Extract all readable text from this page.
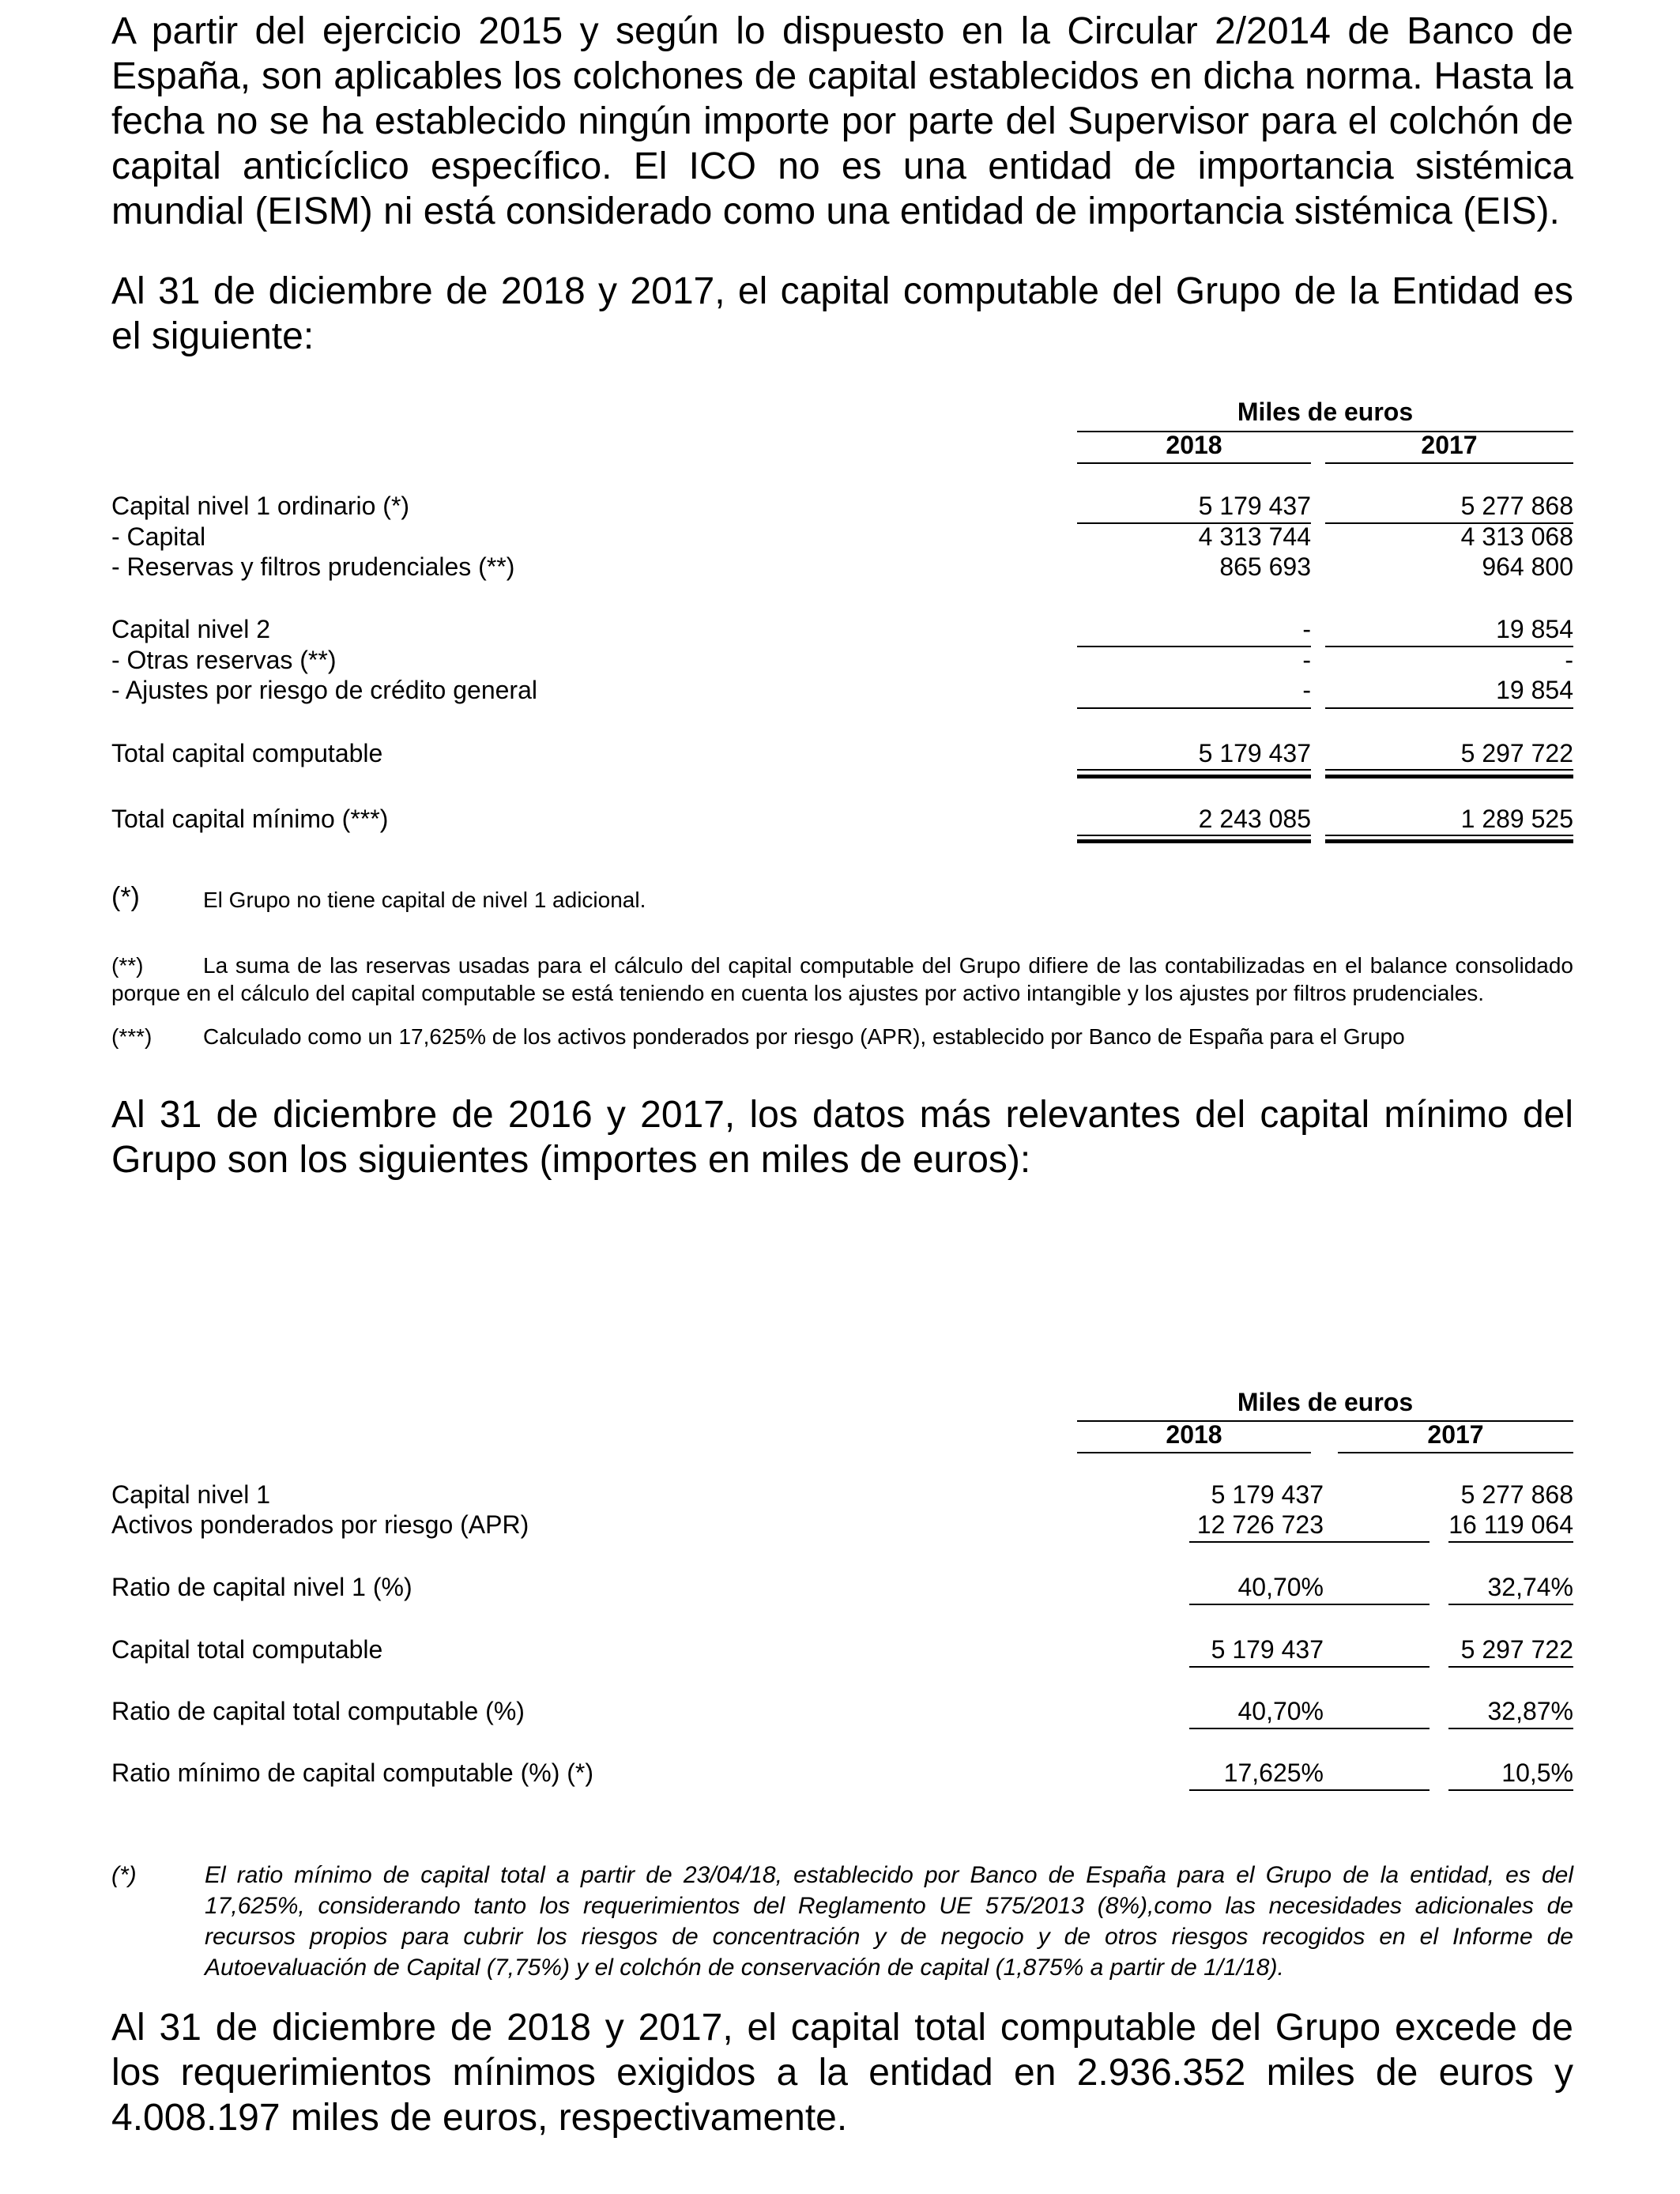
A partir del ejercicio 2015 y según lo dispuesto en la Circular 2/2014 de Banco de España, son aplicables los colchones de capital establecidos en dicha norma. Hasta la fecha no se ha establecido ningún importe por parte del Supervisor para el colchón de capital anticíclico específico. El ICO no es una entidad de importancia sistémica mundial (EISM) ni está considerado como una entidad de importancia sistémica (EIS).

Al 31 de diciembre de 2018 y 2017, el capital computable del Grupo de la Entidad es el siguiente:

Miles de euros
2018	2017
Capital nivel 1 ordinario (*)	5 179 437	5 277 868
- Capital	4 313 744	4 313 068
- Reservas y filtros prudenciales (**)	865 693	964 800
Capital nivel 2	-	19 854
- Otras reservas (**)	-	-
- Ajustes por riesgo de crédito general	-	19 854
Total capital computable	5 179 437	5 297 722
Total capital mínimo (***)	2 243 085	1 289 525
(*)	El Grupo no tiene capital de nivel 1 adicional.
(**)	La suma de las reservas usadas para el cálculo del capital computable del Grupo difiere de las contabilizadas en el balance consolidado porque en el cálculo del capital computable se está teniendo en cuenta los ajustes por activo intangible y los ajustes por filtros prudenciales.
(***) Calculado como un 17,625% de los activos ponderados por riesgo (APR), establecido por Banco de España para el Grupo

Al 31 de diciembre de 2016 y 2017, los datos más relevantes del capital mínimo del Grupo son los siguientes (importes en miles de euros):

Miles de euros
2018	2017
Capital nivel 1	5 179 437	5 277 868
Activos ponderados por riesgo (APR)	12 726 723	16 119 064
Ratio de capital nivel 1 (%)	40,70%	32,74%
Capital total computable	5 179 437	5 297 722
Ratio de capital total computable (%)	40,70%	32,87%
Ratio mínimo de capital computable (%) (*)	17,625%	10,5%
(*)	El ratio mínimo de capital total a partir de 23/04/18, establecido por Banco de España para el Grupo de la entidad, es del 17,625%, considerando tanto los requerimientos del Reglamento UE 575/2013 (8%),como las necesidades adicionales de recursos propios para cubrir los riesgos de concentración y de negocio y de otros riesgos recogidos en el Informe de Autoevaluación de Capital (7,75%) y el colchón de conservación de capital (1,875% a partir de 1/1/18).

Al 31 de diciembre de 2018 y 2017, el capital total computable del Grupo excede de los requerimientos mínimos exigidos a la entidad en 2.936.352 miles de euros y 4.008.197 miles de euros, respectivamente.
